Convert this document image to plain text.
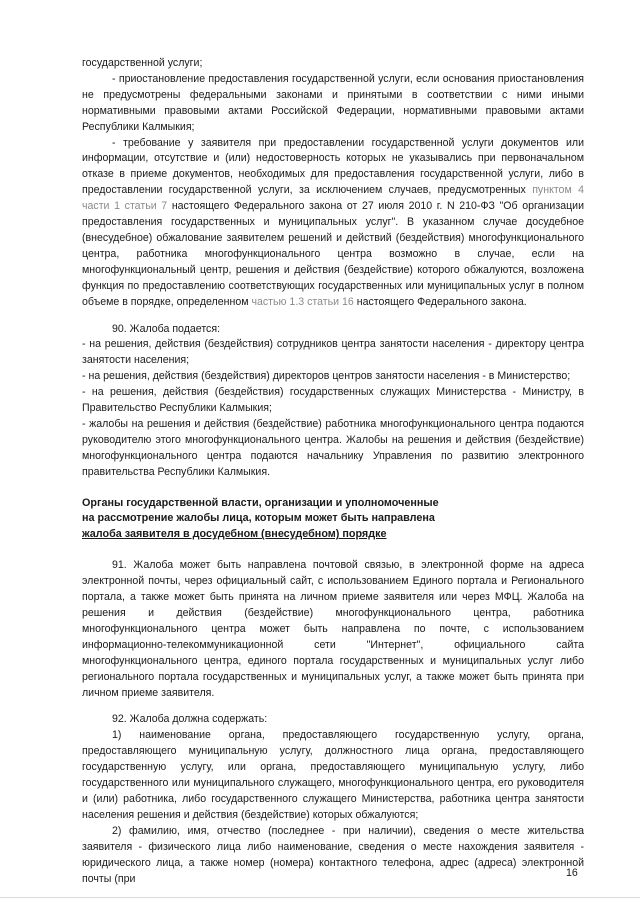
государственной услуги;

- приостановление предоставления государственной услуги, если основания приостановления не предусмотрены федеральными законами и принятыми в соответствии с ними иными нормативными правовыми актами Российской Федерации, нормативными правовыми актами Республики Калмыкия;

- требование у заявителя при предоставлении государственной услуги документов или информации, отсутствие и (или) недостоверность которых не указывались при первоначальном отказе в приеме документов, необходимых для предоставления государственной услуги, либо в предоставлении государственной услуги, за исключением случаев, предусмотренных пунктом 4 части 1 статьи 7 настоящего Федерального закона от 27 июля 2010 г. N 210-ФЗ "Об организации предоставления государственных и муниципальных услуг". В указанном случае досудебное (внесудебное) обжалование заявителем решений и действий (бездействия) многофункционального центра, работника многофункционального центра возможно в случае, если на многофункциональный центр, решения и действия (бездействие) которого обжалуются, возложена функция по предоставлению соответствующих государственных или муниципальных услуг в полном объеме в порядке, определенном частью 1.3 статьи 16 настоящего Федерального закона.

90. Жалоба подается:

- на решения, действия (бездействия) сотрудников центра занятости населения - директору центра занятости населения;

- на решения, действия (бездействия) директоров центров занятости населения - в Министерство;

- на решения, действия (бездействия) государственных служащих Министерства - Министру, в Правительство Республики Калмыкия;

- жалобы на решения и действия (бездействие) работника многофункционального центра подаются руководителю этого многофункционального центра. Жалобы на решения и действия (бездействие) многофункционального центра подаются начальнику Управления по развитию электронного правительства Республики Калмыкия.

Органы государственной власти, организации и уполномоченные

на рассмотрение жалобы лица, которым может быть направлена

жалоба заявителя в досудебном (внесудебном) порядке

91. Жалоба может быть направлена почтовой связью, в электронной форме на адреса электронной почты, через официальный сайт, с использованием Единого портала и Регионального портала, а также может быть принята на личном приеме заявителя или через МФЦ. Жалоба на решения и действия (бездействие) многофункционального центра, работника многофункционального центра может быть направлена по почте, с использованием информационно-телекоммуникационной сети "Интернет", официального сайта многофункционального центра, единого портала государственных и муниципальных услуг либо регионального портала государственных и муниципальных услуг, а также может быть принята при личном приеме заявителя.

92. Жалоба должна содержать:

1) наименование органа, предоставляющего государственную услугу, органа, предоставляющего муниципальную услугу, должностного лица органа, предоставляющего государственную услугу, или органа, предоставляющего муниципальную услугу, либо государственного или муниципального служащего, многофункционального центра, его руководителя и (или) работника, либо государственного служащего Министерства, работника центра занятости населения решения и действия (бездействие) которых обжалуются;

2) фамилию, имя, отчество (последнее - при наличии), сведения о месте жительства заявителя - физического лица либо наименование, сведения о месте нахождения заявителя - юридического лица, а также номер (номера) контактного телефона, адрес (адреса) электронной почты (при	16
